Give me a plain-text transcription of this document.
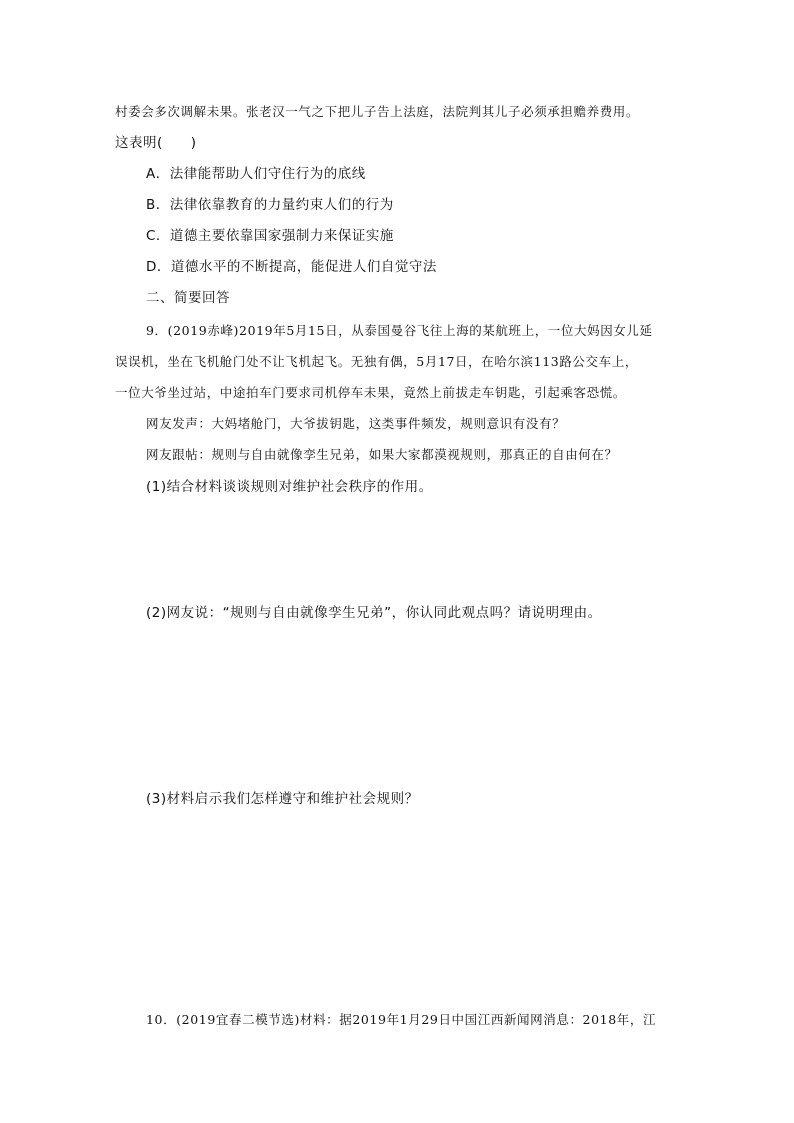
村委会多次调解未果。张老汉一气之下把儿子告上法庭，法院判其儿子必须承担赡养费用。
这表明(　　)
A．法律能帮助人们守住行为的底线
B．法律依靠教育的力量约束人们的行为
C．道德主要依靠国家强制力来保证实施
D．道德水平的不断提高，能促进人们自觉守法
二、简要回答
9．(2019赤峰)2019年5月15日，从泰国曼谷飞往上海的某航班上，一位大妈因女儿延
误误机，坐在飞机舱门处不让飞机起飞。无独有偶，5月17日，在哈尔滨113路公交车上，
一位大爷坐过站，中途拍车门要求司机停车未果，竟然上前拔走车钥匙，引起乘客恐慌。
网友发声：大妈堵舱门，大爷拔钥匙，这类事件频发，规则意识有没有？
网友跟帖：规则与自由就像孪生兄弟，如果大家都漠视规则，那真正的自由何在？
(1)结合材料谈谈规则对维护社会秩序的作用。
(2)网友说：“规则与自由就像孪生兄弟”，你认同此观点吗？请说明理由。
(3)材料启示我们怎样遵守和维护社会规则？
10．(2019宜春二模节选)材料：据2019年1月29日中国江西新闻网消息：2018年，江
